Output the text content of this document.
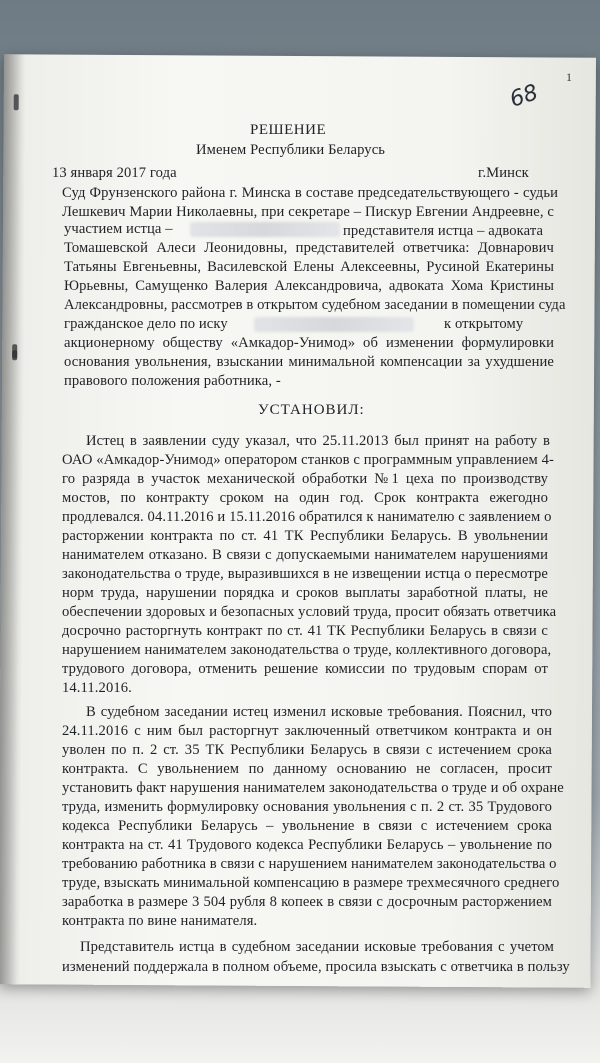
1
68
РЕШЕНИЕ
Именем Республики Беларусь
13 января 2017 года	г.Минск
Суд Фрунзенского района г. Минска в составе председательствующего - судьи
Лешкевич Марии Николаевны, при секретаре – Пискур Евгении Андреевне, с
участием истца –	представителя истца – адвоката
Томашевской Алеси Леонидовны, представителей ответчика: Довнарович
Татьяны Евгеньевны, Василевской Елены Алексеевны, Русиной Екатерины
Юрьевны, Самущенко Валерия Александровича, адвоката Хома Кристины
Александровны, рассмотрев в открытом судебном заседании в помещении суда
гражданское дело по иску	к открытому
акционерному обществу «Амкадор-Унимод» об изменении формулировки
основания увольнения, взыскании минимальной компенсации за ухудшение
правового положения работника, -
УСТАНОВИЛ:
Истец в заявлении суду указал, что 25.11.2013 был принят на работу в
ОАО «Амкадор-Унимод» оператором станков с программным управлением 4-
го разряда в участок механической обработки №1 цеха по производству
мостов, по контракту сроком на один год. Срок контракта ежегодно
продлевался. 04.11.2016 и 15.11.2016 обратился к нанимателю с заявлением о
расторжении контракта по ст. 41 ТК Республики Беларусь. В увольнении
нанимателем отказано. В связи с допускаемыми нанимателем нарушениями
законодательства о труде, выразившихся в не извещении истца о пересмотре
норм труда, нарушении порядка и сроков выплаты заработной платы, не
обеспечении здоровых и безопасных условий труда, просит обязать ответчика
досрочно расторгнуть контракт по ст. 41 ТК Республики Беларусь в связи с
нарушением нанимателем законодательства о труде, коллективного договора,
трудового договора, отменить решение комиссии по трудовым спорам от
14.11.2016.
В судебном заседании истец изменил исковые требования. Пояснил, что
24.11.2016 с ним был расторгнут заключенный ответчиком контракта и он
уволен по п. 2 ст. 35 ТК Республики Беларусь в связи с истечением срока
контракта. С увольнением по данному основанию не согласен, просит
установить факт нарушения нанимателем законодательства о труде и об охране
труда, изменить формулировку основания увольнения с п. 2 ст. 35 Трудового
кодекса Республики Беларусь – увольнение в связи с истечением срока
контракта на ст. 41 Трудового кодекса Республики Беларусь – увольнение по
требованию работника в связи с нарушением нанимателем законодательства о
труде, взыскать минимальной компенсацию в размере трехмесячного среднего
заработка в размере 3 504 рубля 8 копеек в связи с досрочным расторжением
контракта по вине нанимателя.
Представитель истца в судебном заседании исковые требования с учетом
изменений поддержала в полном объеме, просила взыскать с ответчика в пользу
